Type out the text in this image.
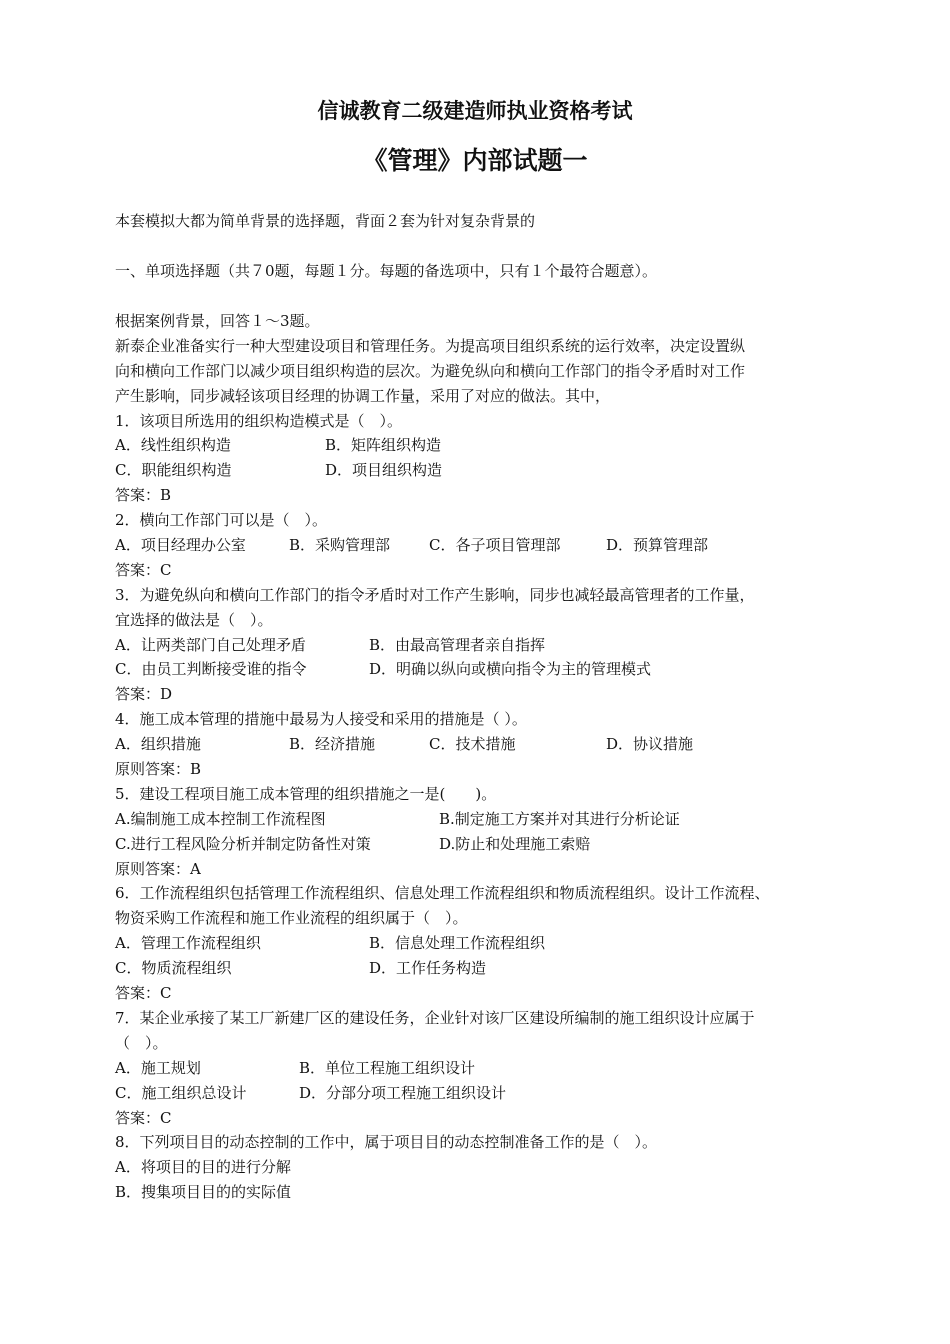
信诚教育二级建造师执业资格考试
《管理》内部试题一
本套模拟大都为简单背景的选择题，背面２套为针对复杂背景的
一、单项选择题（共７0题，每题１分。每题的备选项中，只有１个最符合题意）。
根据案例背景，回答１～3题。
新泰企业准备实行一种大型建设项目和管理任务。为提高项目组织系统的运行效率，决定设置纵
向和横向工作部门以减少项目组织构造的层次。为避免纵向和横向工作部门的指令矛盾时对工作
产生影响，同步减轻该项目经理的协调工作量，采用了对应的做法。其中，
1．该项目所选用的组织构造模式是（　）。
A．线性组织构造	B．矩阵组织构造
C．职能组织构造	D．项目组织构造
答案：B
2．横向工作部门可以是（　）。
A．项目经理办公室	B．采购管理部	C．各子项目管理部	D．预算管理部
答案：C
3．为避免纵向和横向工作部门的指令矛盾时对工作产生影响，同步也减轻最高管理者的工作量，
宜选择的做法是（　）。
A．让两类部门自己处理矛盾	B．由最高管理者亲自指挥
C．由员工判断接受谁的指令	D．明确以纵向或横向指令为主的管理模式
答案：D
4．施工成本管理的措施中最易为人接受和采用的措施是（ ）。
A．组织措施	B．经济措施	C．技术措施	D．协议措施
原则答案：B
5．建设工程项目施工成本管理的组织措施之一是(　　)。
A.编制施工成本控制工作流程图	B.制定施工方案并对其进行分析论证
C.进行工程风险分析并制定防备性对策	D.防止和处理施工索赔
原则答案：A
6．工作流程组织包括管理工作流程组织、信息处理工作流程组织和物质流程组织。设计工作流程、
物资采购工作流程和施工作业流程的组织属于（　）。
A．管理工作流程组织	B．信息处理工作流程组织
C．物质流程组织	D．工作任务构造
答案：C
7．某企业承接了某工厂新建厂区的建设任务，企业针对该厂区建设所编制的施工组织设计应属于
（　）。
A．施工规划	B．单位工程施工组织设计
C．施工组织总设计	D．分部分项工程施工组织设计
答案：C
8．下列项目目的动态控制的工作中，属于项目目的动态控制准备工作的是（　）。
A．将项目的目的进行分解
B．搜集项目目的的实际值
